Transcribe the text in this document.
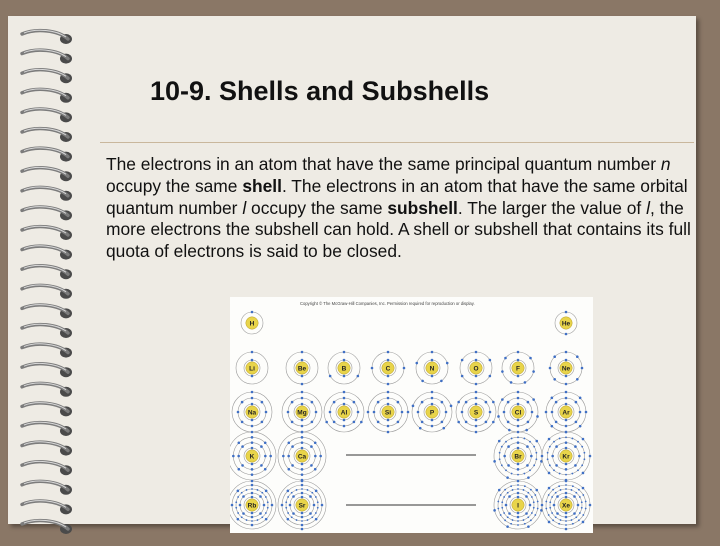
10-9. Shells and Subshells

The electrons in an atom that have the same principal quantum number n occupy the same shell. The electrons in an atom that have the same orbital quantum number l occupy the same subshell. The larger the value of l, the more electrons the subshell can hold. A shell or subshell that contains its full quota of electrons is said to be closed.

Copyright © The McGraw-Hill Companies, Inc. Permission required for reproduction or display.
H	He
Li	Be	B	C	N	O	F	Ne
Na	Mg	Al	Si	P	S	Cl	Ar
K	Ca	Br	Kr
Rb	Sr	I	Xe
